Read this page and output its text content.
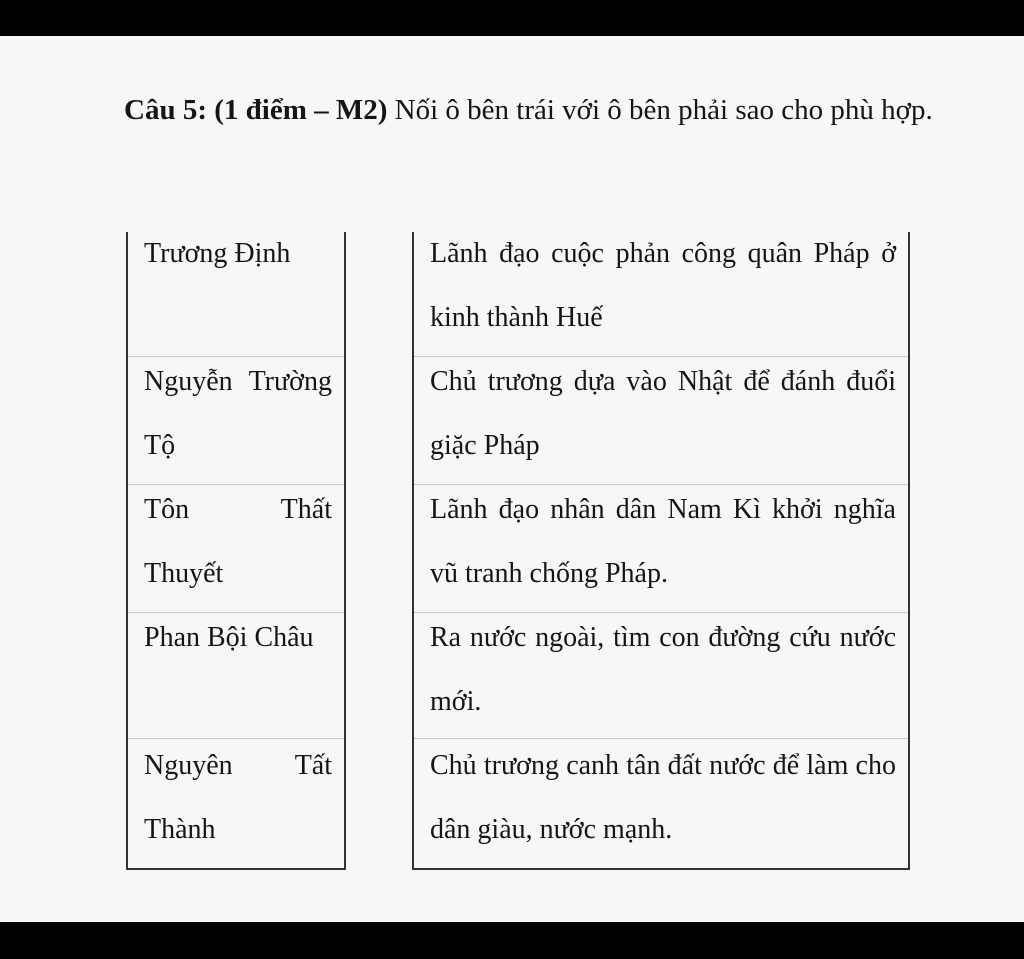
Câu 5: (1 điểm – M2) Nối ô bên trái với ô bên phải sao cho phù hợp.
Trương Định
Nguyễn Trường Tộ
Tôn Thất Thuyết
Phan Bội Châu
Nguyên Tất Thành
Lãnh đạo cuộc phản công quân Pháp ở kinh thành Huế
Chủ trương dựa vào Nhật để đánh đuổi giặc Pháp
Lãnh đạo nhân dân Nam Kì khởi nghĩa vũ tranh chống Pháp.
Ra nước ngoài, tìm con đường cứu nước mới.
Chủ trương canh tân đất nước để làm cho dân giàu, nước mạnh.
